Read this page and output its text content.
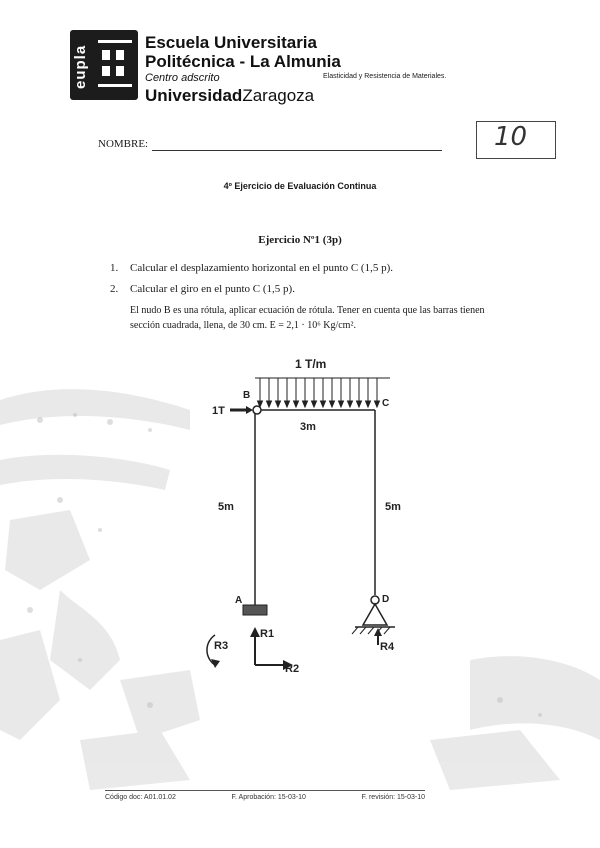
eupla
Escuela Universitaria
Politécnica - La Almunia
Centro adscrito
UniversidadZaragoza
Elasticidad y Resistencia de Materiales.
NOMBRE:	10
4º Ejercicio de Evaluación Continua
Ejercicio Nº1 (3p)
1. Calcular el desplazamiento horizontal en el punto C (1,5 p).
2. Calcular el giro en el punto C (1,5 p).
El nudo B es una rótula, aplicar ecuación de rótula. Tener en cuenta que las barras tienen sección cuadrada, llena, de 30 cm. E = 2,1 · 10⁶ Kg/cm².
1 T/m
B
C
1T
3m
5m	5m
A	D
R1
R2
R3	R4
Código doc: A01.01.02	F. Aprobación: 15-03-10	F. revisión: 15-03-10
